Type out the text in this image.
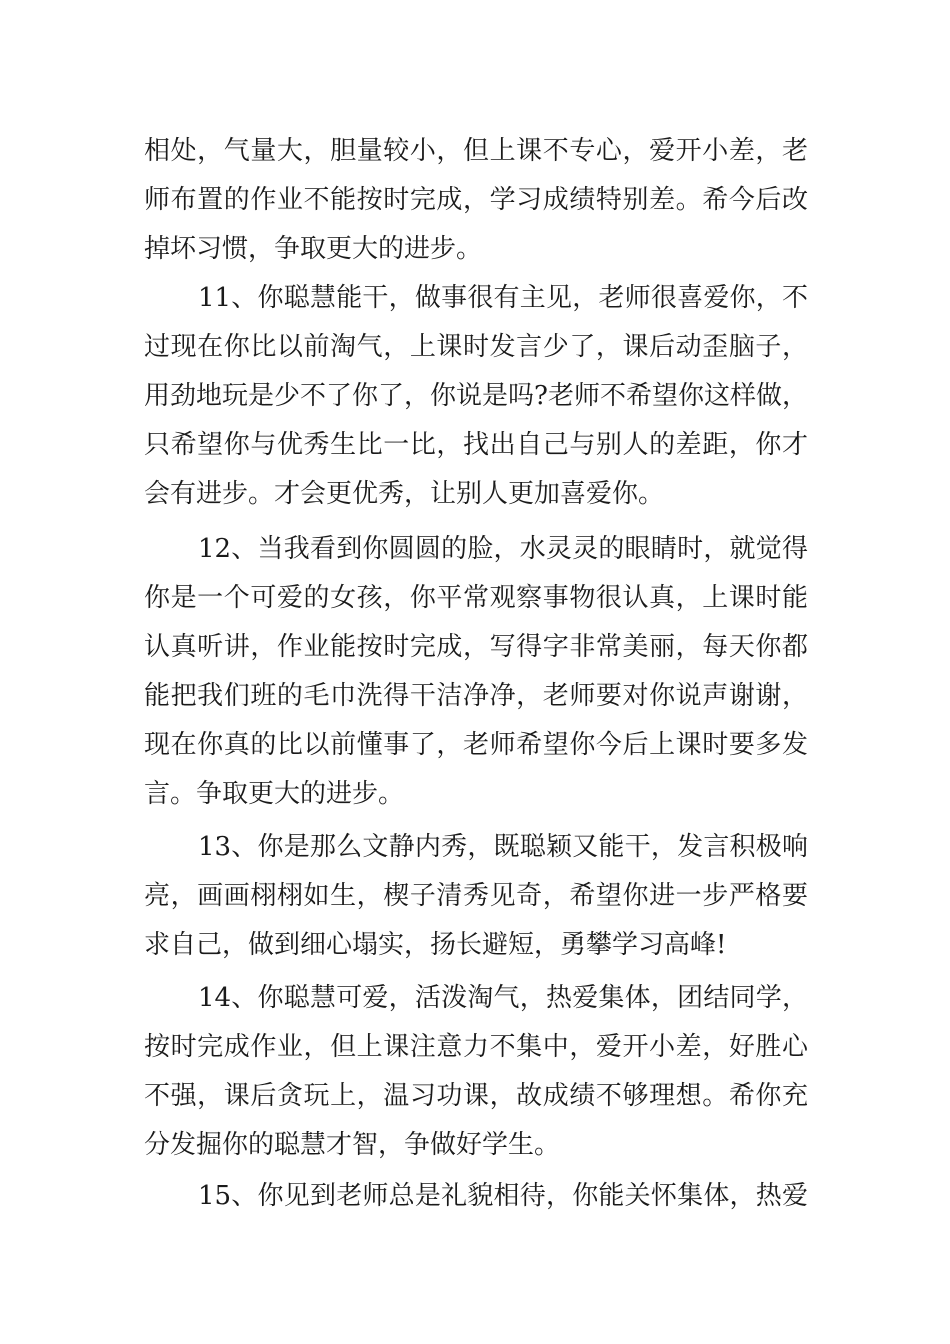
相处，气量大，胆量较小，但上课不专心，爱开小差，老
师布置的作业不能按时完成，学习成绩特别差。希今后改
掉坏习惯，争取更大的进步。
11、你聪慧能干，做事很有主见，老师很喜爱你，不
过现在你比以前淘气，上课时发言少了，课后动歪脑子，
用劲地玩是少不了你了，你说是吗?老师不希望你这样做，
只希望你与优秀生比一比，找出自己与别人的差距，你才
会有进步。才会更优秀，让别人更加喜爱你。
12、当我看到你圆圆的脸，水灵灵的眼睛时，就觉得
你是一个可爱的女孩，你平常观察事物很认真，上课时能
认真听讲，作业能按时完成，写得字非常美丽，每天你都
能把我们班的毛巾洗得干洁净净，老师要对你说声谢谢，
现在你真的比以前懂事了，老师希望你今后上课时要多发
言。争取更大的进步。
13、你是那么文静内秀，既聪颖又能干，发言积极响
亮，画画栩栩如生，楔子清秀见奇，希望你进一步严格要
求自己，做到细心塌实，扬长避短，勇攀学习高峰!
14、你聪慧可爱，活泼淘气，热爱集体，团结同学，
按时完成作业，但上课注意力不集中，爱开小差，好胜心
不强，课后贪玩上，温习功课，故成绩不够理想。希你充
分发掘你的聪慧才智，争做好学生。
15、你见到老师总是礼貌相待，你能关怀集体，热爱
